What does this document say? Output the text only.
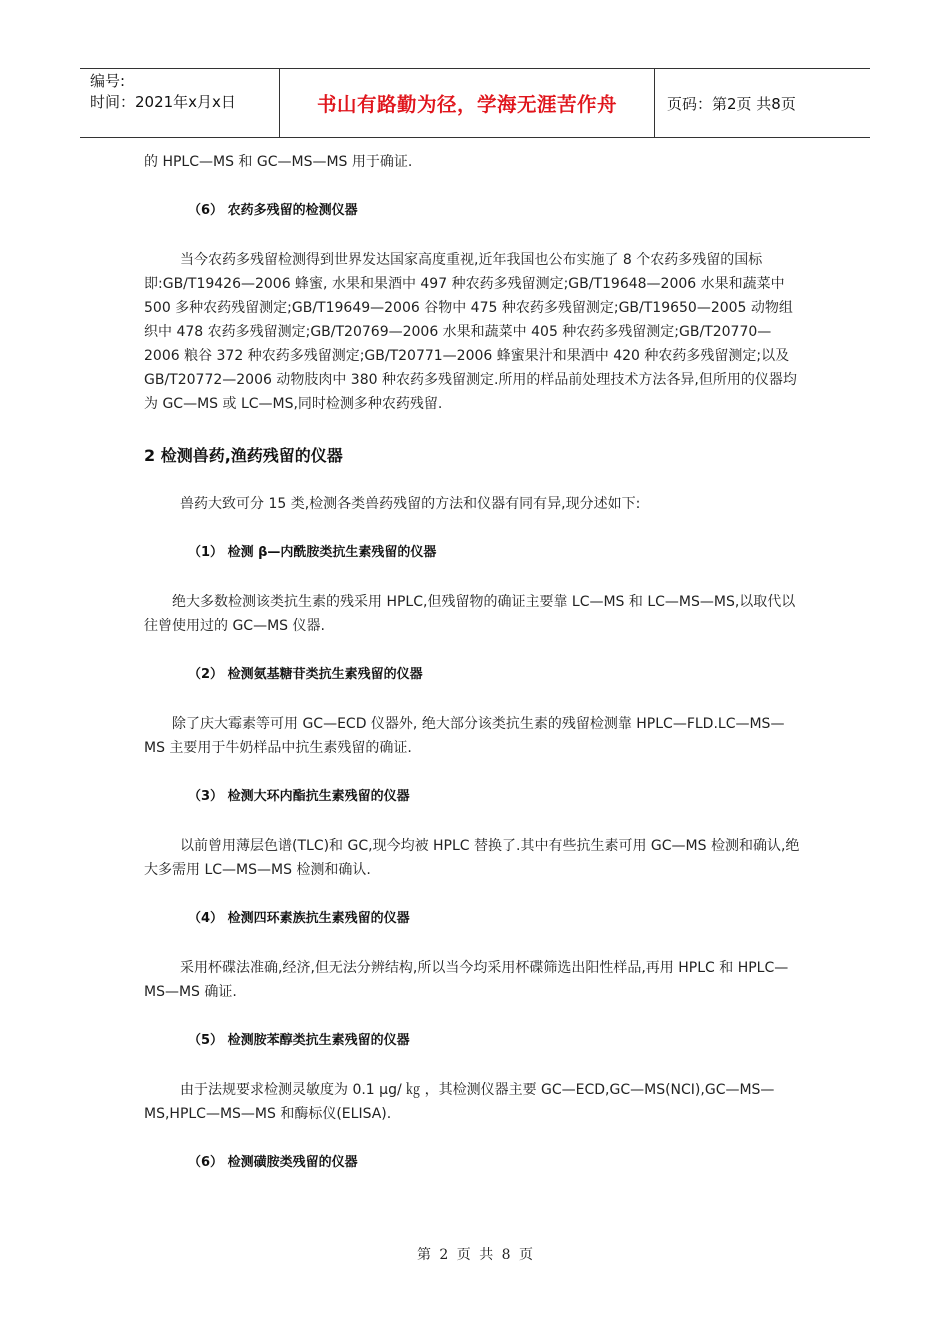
编号:
时间：2021年x月x日	书山有路勤为径，学海无涯苦作舟	页码：第2页 共8页

的 HPLC—MS 和 GC—MS—MS 用于确证.

（6） 农药多残留的检测仪器

当今农药多残留检测得到世界发达国家高度重视,近年我国也公布实施了 8 个农药多残留的国标即:GB/T19426—2006 蜂蜜, 水果和果酒中 497 种农药多残留测定;GB/T19648—2006 水果和蔬菜中 500 多种农药残留测定;GB/T19649—2006 谷物中 475 种农药多残留测定;GB/T19650—2005 动物组织中 478 农药多残留测定;GB/T20769—2006 水果和蔬菜中 405 种农药多残留测定;GB/T20770—2006 粮谷 372 种农药多残留测定;GB/T20771—2006 蜂蜜果汁和果酒中 420 种农药多残留测定;以及 GB/T20772—2006 动物肢肉中 380 种农药多残留测定.所用的样品前处理技术方法各异,但所用的仪器均为 GC—MS 或 LC—MS,同时检测多种农药残留.

2 检测兽药,渔药残留的仪器

兽药大致可分 15 类,检测各类兽药残留的方法和仪器有同有异,现分述如下:

（1） 检测 β—内酰胺类抗生素残留的仪器

绝大多数检测该类抗生素的残采用 HPLC,但残留物的确证主要靠 LC—MS 和 LC—MS—MS,以取代以往曾使用过的 GC—MS 仪器.

（2） 检测氨基糖苷类抗生素残留的仪器

除了庆大霉素等可用 GC—ECD 仪器外, 绝大部分该类抗生素的残留检测靠 HPLC—FLD.LC—MS—MS 主要用于牛奶样品中抗生素残留的确证.

（3） 检测大环内酯抗生素残留的仪器

以前曾用薄层色谱(TLC)和 GC,现今均被 HPLC 替换了.其中有些抗生素可用 GC—MS 检测和确认,绝大多需用 LC—MS—MS 检测和确认.

（4） 检测四环素族抗生素残留的仪器

采用杯碟法准确,经济,但无法分辨结构,所以当今均采用杯碟筛选出阳性样品,再用 HPLC 和 HPLC—MS—MS 确证.

（5） 检测胺苯醇类抗生素残留的仪器

由于法规要求检测灵敏度为 0.1 μg/ ㎏ ，其检测仪器主要 GC—ECD,GC—MS(NCI),GC—MS—MS,HPLC—MS—MS 和酶标仪(ELISA).

（6） 检测磺胺类残留的仪器

第 2 页 共 8 页
